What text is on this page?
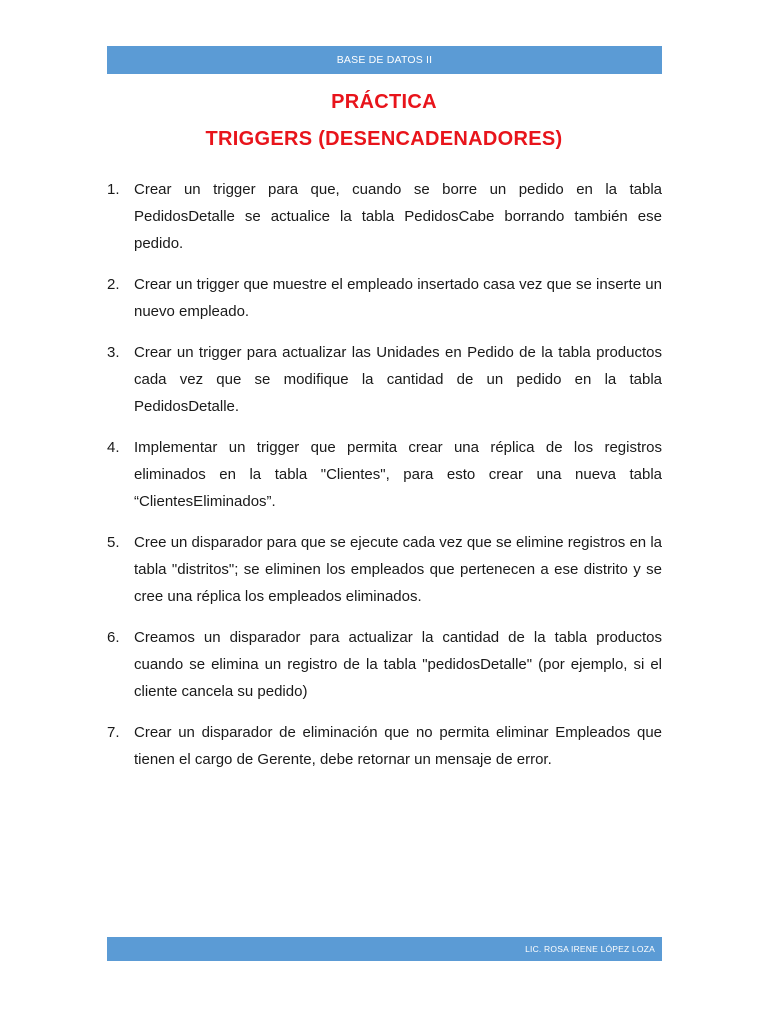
BASE DE DATOS II
PRÁCTICA
TRIGGERS (DESENCADENADORES)
1. Crear un trigger para que, cuando se borre un pedido en la tabla PedidosDetalle se actualice la tabla PedidosCabe borrando también ese pedido.
2. Crear un trigger que muestre el empleado insertado casa vez que se inserte un nuevo empleado.
3. Crear un trigger para actualizar las Unidades en Pedido de la tabla productos cada vez que se modifique la cantidad de un pedido en la tabla PedidosDetalle.
4. Implementar un trigger que permita crear una réplica de los registros eliminados en la tabla "Clientes", para esto crear una nueva tabla “ClientesEliminados”.
5. Cree un disparador para que se ejecute cada vez que se elimine registros en la tabla "distritos"; se eliminen los empleados que pertenecen a ese distrito y se cree una réplica los empleados eliminados.
6. Creamos un disparador para actualizar la cantidad de la tabla productos cuando se elimina un registro de la tabla "pedidosDetalle" (por ejemplo, si el cliente cancela su pedido)
7. Crear un disparador de eliminación que no permita eliminar Empleados que tienen el cargo de Gerente, debe retornar un mensaje de error.
LIC. ROSA IRENE LÓPEZ LOZA
